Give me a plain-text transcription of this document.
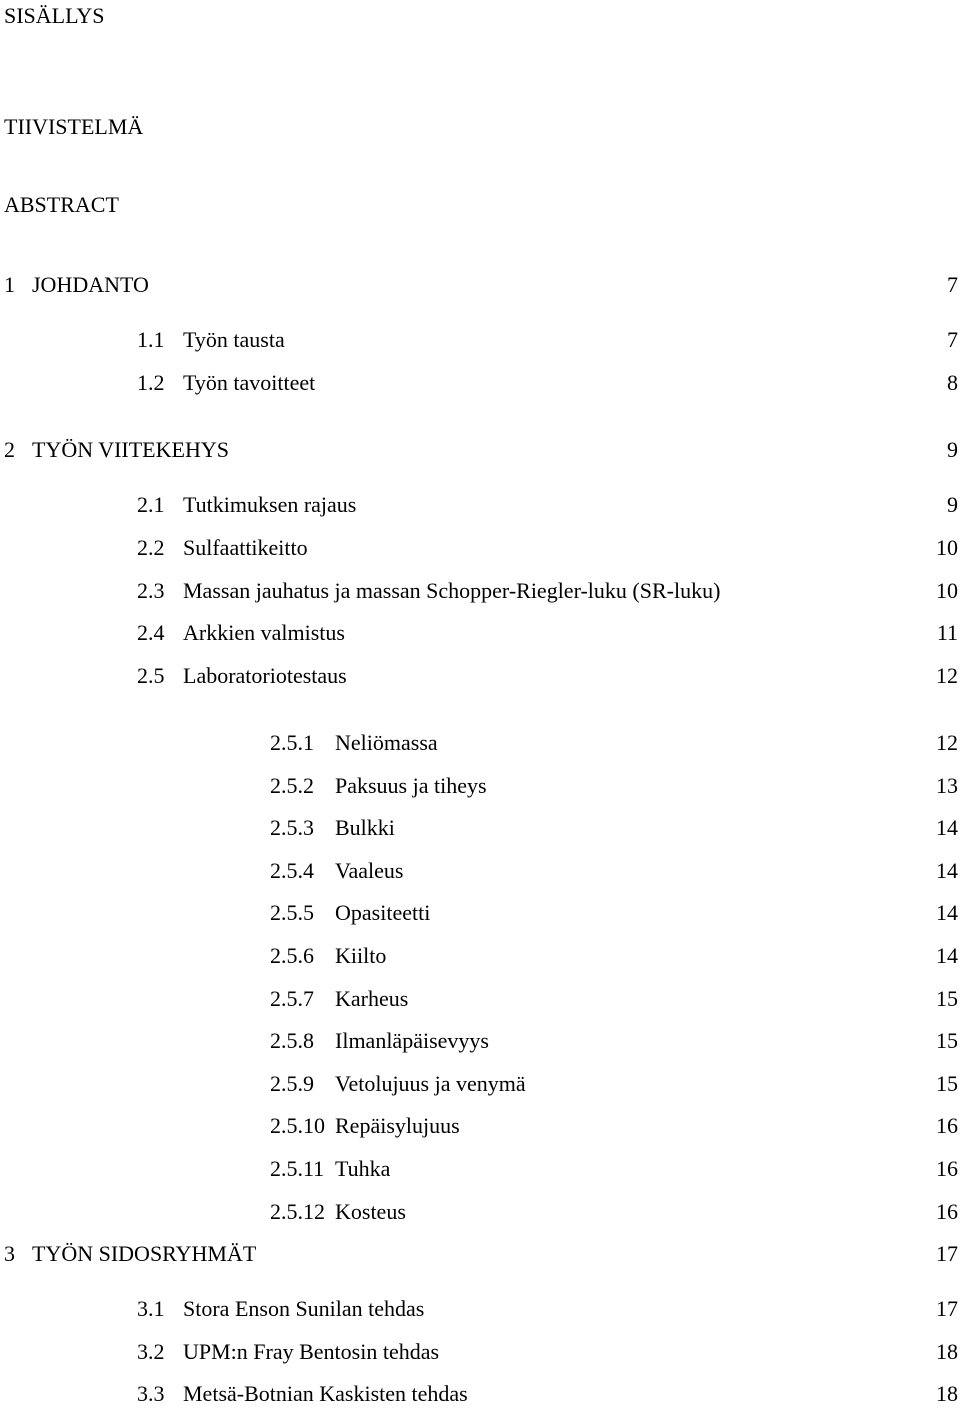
SISÄLLYS
TIIVISTELMÄ
ABSTRACT
1 JOHDANTO	7
1.1 Työn tausta	7
1.2 Työn tavoitteet	8
2 TYÖN VIITEKEHYS	9
2.1 Tutkimuksen rajaus	9
2.2 Sulfaattikeitto	10
2.3 Massan jauhatus ja massan Schopper-Riegler-luku (SR-luku)	10
2.4 Arkkien valmistus	11
2.5 Laboratoriotestaus	12
2.5.1 Neliömassa	12
2.5.2 Paksuus ja tiheys	13
2.5.3 Bulkki	14
2.5.4 Vaaleus	14
2.5.5 Opasiteetti	14
2.5.6 Kiilto	14
2.5.7 Karheus	15
2.5.8 Ilmanläpäisevyys	15
2.5.9 Vetolujuus ja venymä	15
2.5.10 Repäisylujuus	16
2.5.11 Tuhka	16
2.5.12 Kosteus	16
3 TYÖN SIDOSRYHMÄT	17
3.1 Stora Enson Sunilan tehdas	17
3.2 UPM:n Fray Bentosin tehdas	18
3.3 Metsä-Botnian Kaskisten tehdas	18
